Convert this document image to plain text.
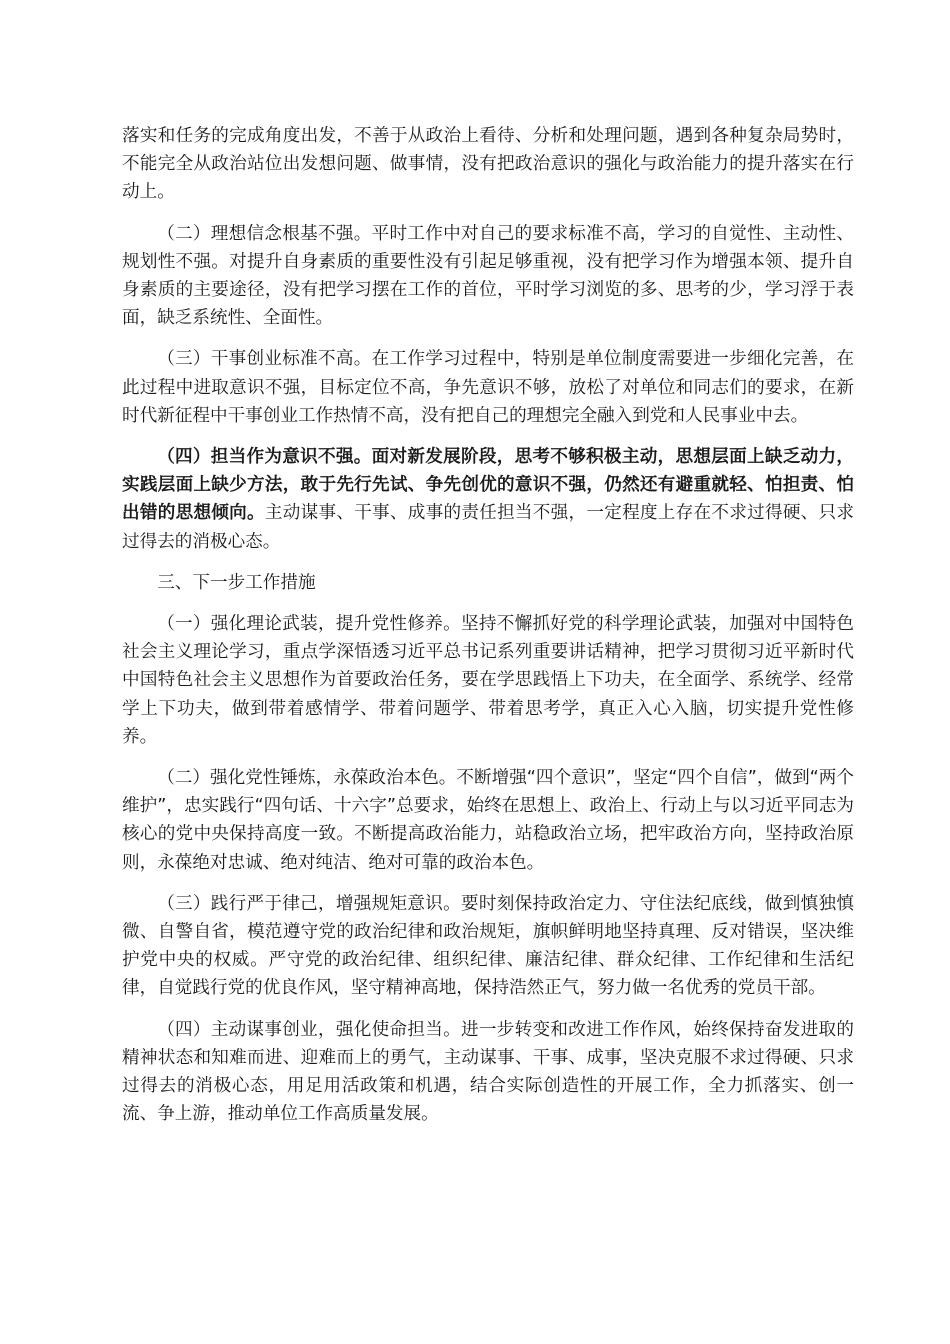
落实和任务的完成角度出发，不善于从政治上看待、分析和处理问题，遇到各种复杂局势时，不能完全从政治站位出发想问题、做事情，没有把政治意识的强化与政治能力的提升落实在行动上。

（二）理想信念根基不强。平时工作中对自己的要求标准不高，学习的自觉性、主动性、规划性不强。对提升自身素质的重要性没有引起足够重视，没有把学习作为增强本领、提升自身素质的主要途径，没有把学习摆在工作的首位，平时学习浏览的多、思考的少，学习浮于表面，缺乏系统性、全面性。

（三）干事创业标准不高。在工作学习过程中，特别是单位制度需要进一步细化完善，在此过程中进取意识不强，目标定位不高，争先意识不够，放松了对单位和同志们的要求，在新时代新征程中干事创业工作热情不高，没有把自己的理想完全融入到党和人民事业中去。

（四）担当作为意识不强。面对新发展阶段，思考不够积极主动，思想层面上缺乏动力，实践层面上缺少方法，敢于先行先试、争先创优的意识不强，仍然还有避重就轻、怕担责、怕出错的思想倾向。主动谋事、干事、成事的责任担当不强，一定程度上存在不求过得硬、只求过得去的消极心态。

三、下一步工作措施

（一）强化理论武装，提升党性修养。坚持不懈抓好党的科学理论武装，加强对中国特色社会主义理论学习，重点学深悟透习近平总书记系列重要讲话精神，把学习贯彻习近平新时代中国特色社会主义思想作为首要政治任务，要在学思践悟上下功夫，在全面学、系统学、经常学上下功夫，做到带着感情学、带着问题学、带着思考学，真正入心入脑，切实提升党性修养。

（二）强化党性锤炼，永葆政治本色。不断增强“四个意识”，坚定“四个自信”，做到“两个维护”，忠实践行“四句话、十六字”总要求，始终在思想上、政治上、行动上与以习近平同志为核心的党中央保持高度一致。不断提高政治能力，站稳政治立场，把牢政治方向，坚持政治原则，永葆绝对忠诚、绝对纯洁、绝对可靠的政治本色。

（三）践行严于律己，增强规矩意识。要时刻保持政治定力、守住法纪底线，做到慎独慎微、自警自省，模范遵守党的政治纪律和政治规矩，旗帜鲜明地坚持真理、反对错误，坚决维护党中央的权威。严守党的政治纪律、组织纪律、廉洁纪律、群众纪律、工作纪律和生活纪律，自觉践行党的优良作风，坚守精神高地，保持浩然正气，努力做一名优秀的党员干部。

（四）主动谋事创业，强化使命担当。进一步转变和改进工作作风，始终保持奋发进取的精神状态和知难而进、迎难而上的勇气，主动谋事、干事、成事，坚决克服不求过得硬、只求过得去的消极心态，用足用活政策和机遇，结合实际创造性的开展工作，全力抓落实、创一流、争上游，推动单位工作高质量发展。
